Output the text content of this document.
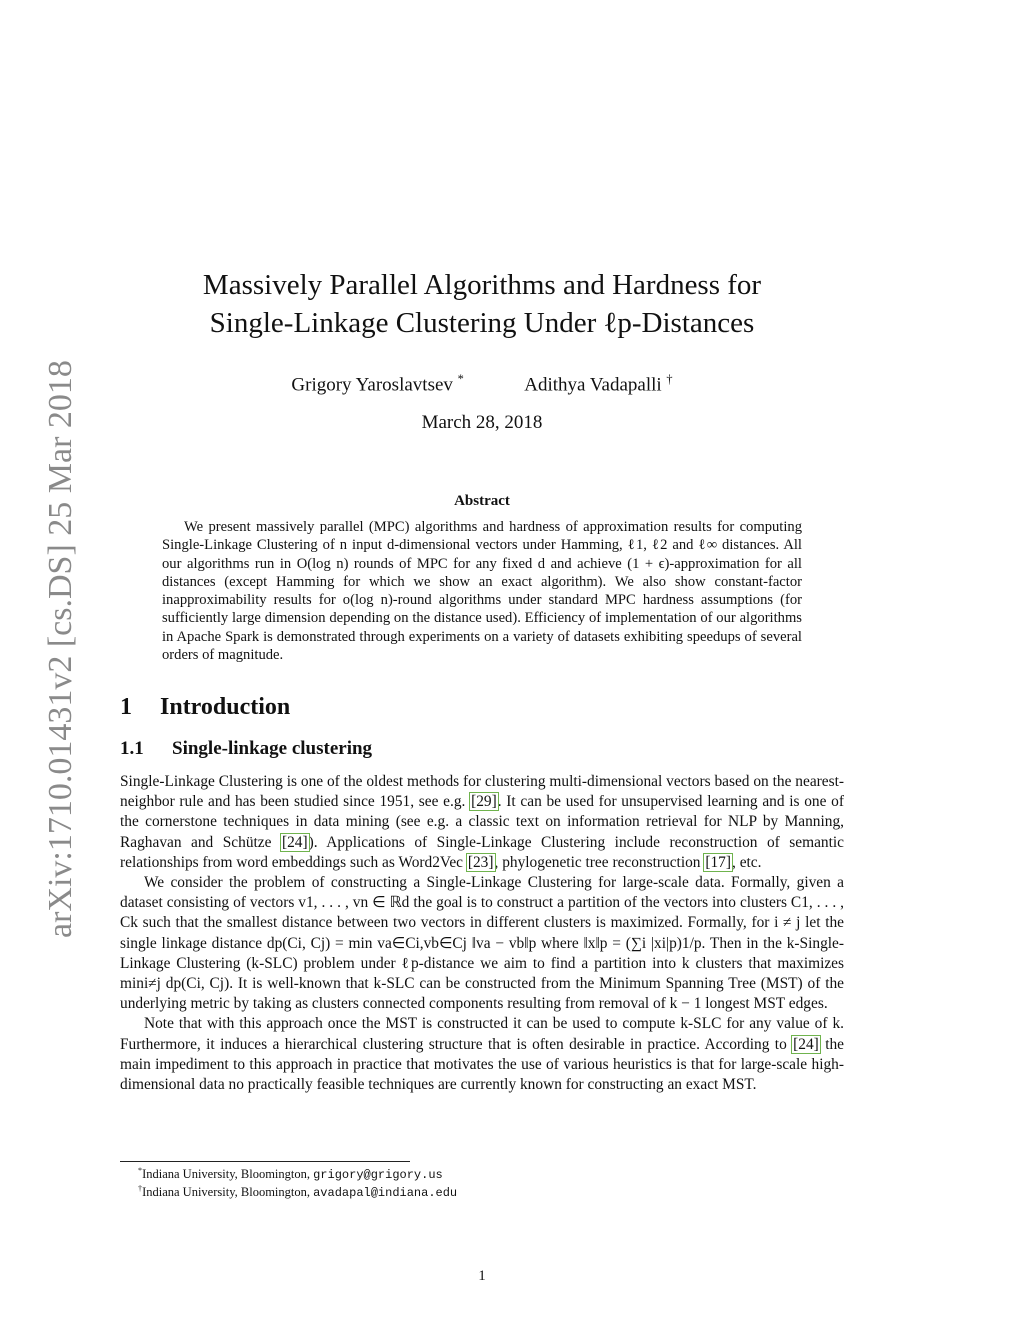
arXiv:1710.01431v2 [cs.DS] 25 Mar 2018
Massively Parallel Algorithms and Hardness for
Single-Linkage Clustering Under ℓp-Distances
Grigory Yaroslavtsev *	Adithya Vadapalli †
March 28, 2018
Abstract
We present massively parallel (MPC) algorithms and hardness of approximation results for computing Single-Linkage Clustering of n input d-dimensional vectors under Hamming, ℓ1, ℓ2 and ℓ∞ distances. All our algorithms run in O(log n) rounds of MPC for any fixed d and achieve (1 + ϵ)-approximation for all distances (except Hamming for which we show an exact algorithm). We also show constant-factor inapproximability results for o(log n)-round algorithms under standard MPC hardness assumptions (for sufficiently large dimension depending on the distance used). Efficiency of implementation of our algorithms in Apache Spark is demonstrated through experiments on a variety of datasets exhibiting speedups of several orders of magnitude.
1 Introduction
1.1 Single-linkage clustering

Single-Linkage Clustering is one of the oldest methods for clustering multi-dimensional vectors based on the nearest-neighbor rule and has been studied since 1951, see e.g. [29]. It can be used for unsupervised learning and is one of the cornerstone techniques in data mining (see e.g. a classic text on information retrieval for NLP by Manning, Raghavan and Schütze [24]). Applications of Single-Linkage Clustering include reconstruction of semantic relationships from word embeddings such as Word2Vec [23], phylogenetic tree reconstruction [17], etc.

We consider the problem of constructing a Single-Linkage Clustering for large-scale data. Formally, given a dataset consisting of vectors v1, . . . , vn ∈ ℝd the goal is to construct a partition of the vectors into clusters C1, . . . , Ck such that the smallest distance between two vectors in different clusters is maximized. Formally, for i ≠ j let the single linkage distance dp(Ci, Cj) = min va∈Ci,vb∈Cj ‖va − vb‖p where ‖x‖p = (∑i |xi|p)1/p. Then in the k-Single-Linkage Clustering (k-SLC) problem under ℓp-distance we aim to find a partition into k clusters that maximizes mini≠j dp(Ci, Cj). It is well-known that k-SLC can be constructed from the Minimum Spanning Tree (MST) of the underlying metric by taking as clusters connected components resulting from removal of k − 1 longest MST edges.

Note that with this approach once the MST is constructed it can be used to compute k-SLC for any value of k. Furthermore, it induces a hierarchical clustering structure that is often desirable in practice. According to [24] the main impediment to this approach in practice that motivates the use of various heuristics is that for large-scale high-dimensional data no practically feasible techniques are currently known for constructing an exact MST.

*Indiana University, Bloomington, grigory@grigory.us
†Indiana University, Bloomington, avadapal@indiana.edu
1
